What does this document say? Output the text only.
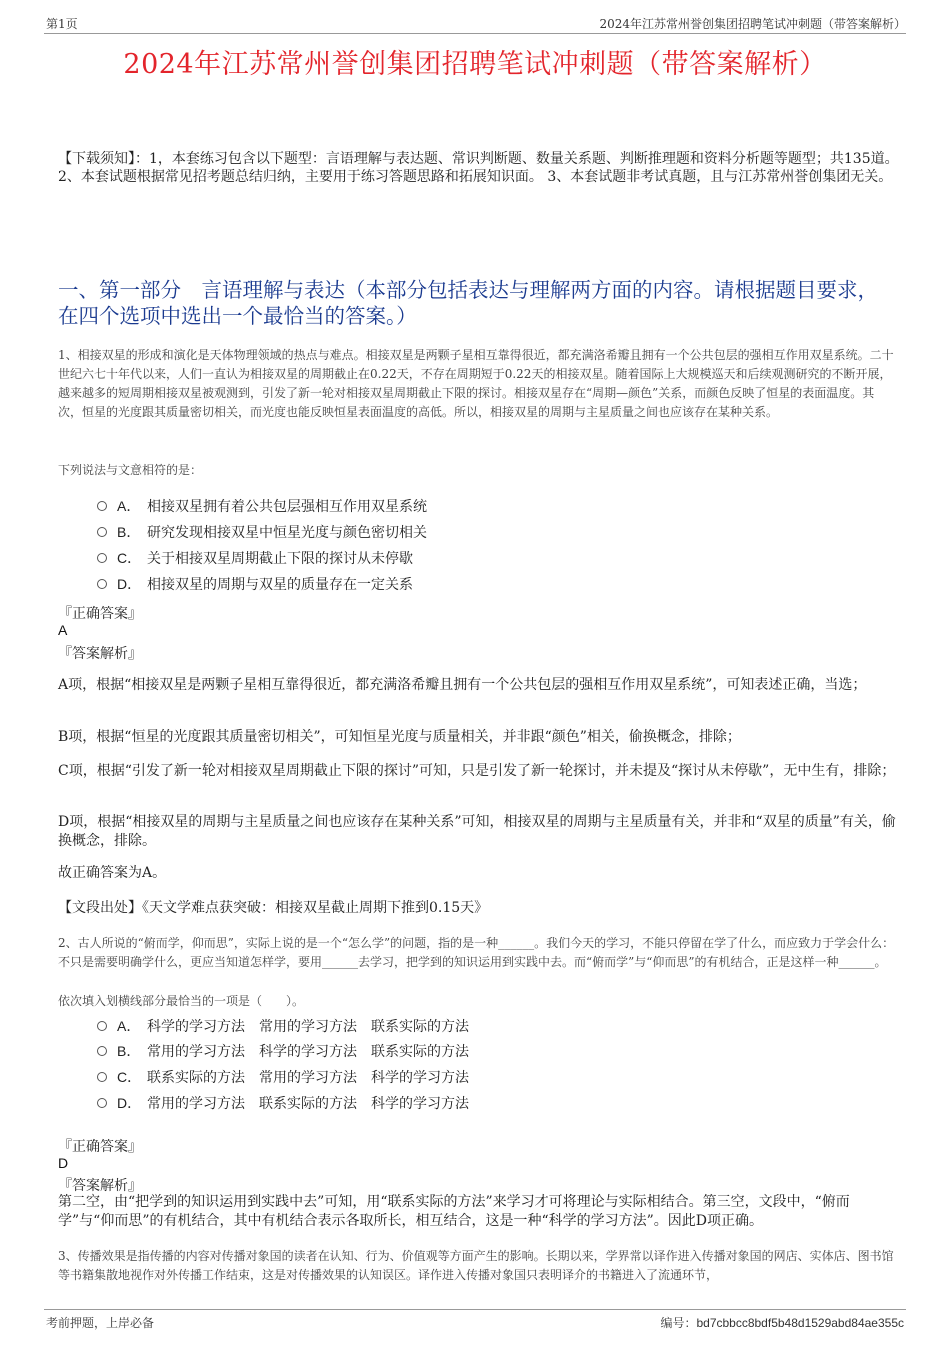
第1页	2024年江苏常州誉创集团招聘笔试冲刺题（带答案解析）
2024年江苏常州誉创集团招聘笔试冲刺题（带答案解析）
【下载须知】：1，本套练习包含以下题型：言语理解与表达题、常识判断题、数量关系题、判断推理题和资料分析题等题型；共135道。 2、本套试题根据常见招考题总结归纳，主要用于练习答题思路和拓展知识面。 3、本套试题非考试真题，且与江苏常州誉创集团无关。
一、第一部分　言语理解与表达（本部分包括表达与理解两方面的内容。请根据题目要求，在四个选项中选出一个最恰当的答案。）
1、相接双星的形成和演化是天体物理领域的热点与难点。相接双星是两颗子星相互靠得很近，都充满洛希瓣且拥有一个公共包层的强相互作用双星系统。二十世纪六七十年代以来，人们一直认为相接双星的周期截止在0.22天，不存在周期短于0.22天的相接双星。随着国际上大规模巡天和后续观测研究的不断开展，越来越多的短周期相接双星被观测到，引发了新一轮对相接双星周期截止下限的探讨。相接双星存在“周期—颜色”关系，而颜色反映了恒星的表面温度。其次，恒星的光度跟其质量密切相关，而光度也能反映恒星表面温度的高低。所以，相接双星的周期与主星质量之间也应该存在某种关系。
下列说法与文意相符的是：
A． 相接双星拥有着公共包层强相互作用双星系统
B． 研究发现相接双星中恒星光度与颜色密切相关
C． 关于相接双星周期截止下限的探讨从未停歇
D． 相接双星的周期与双星的质量存在一定关系
『正确答案』
A
『答案解析』
A项，根据“相接双星是两颗子星相互靠得很近，都充满洛希瓣且拥有一个公共包层的强相互作用双星系统”，可知表述正确，当选；
B项，根据“恒星的光度跟其质量密切相关”，可知恒星光度与质量相关，并非跟“颜色”相关，偷换概念，排除；
C项，根据“引发了新一轮对相接双星周期截止下限的探讨”可知，只是引发了新一轮探讨，并未提及“探讨从未停歇”，无中生有，排除；
D项，根据“相接双星的周期与主星质量之间也应该存在某种关系”可知，相接双星的周期与主星质量有关，并非和“双星的质量”有关，偷换概念，排除。
故正确答案为A。
【文段出处】《天文学难点获突破：相接双星截止周期下推到0.15天》
2、古人所说的“俯而学，仰而思”，实际上说的是一个“怎么学”的问题，指的是一种______。我们今天的学习，不能只停留在学了什么，而应致力于学会什么：不只是需要明确学什么，更应当知道怎样学，要用______去学习，把学到的知识运用到实践中去。而“俯而学”与“仰而思”的有机结合，正是这样一种______。
依次填入划横线部分最恰当的一项是（　　）。
A． 科学的学习方法　常用的学习方法　联系实际的方法
B． 常用的学习方法　科学的学习方法　联系实际的方法
C． 联系实际的方法　常用的学习方法　科学的学习方法
D． 常用的学习方法　联系实际的方法　科学的学习方法
『正确答案』
D
『答案解析』
第二空，由“把学到的知识运用到实践中去”可知，用“联系实际的方法”来学习才可将理论与实际相结合。第三空，文段中，“俯而学”与“仰而思”的有机结合，其中有机结合表示各取所长，相互结合，这是一种“科学的学习方法”。因此D项正确。
3、传播效果是指传播的内容对传播对象国的读者在认知、行为、价值观等方面产生的影响。长期以来，学界常以译作进入传播对象国的网店、实体店、图书馆等书籍集散地视作对外传播工作结束，这是对传播效果的认知误区。译作进入传播对象国只表明译介的书籍进入了流通环节，
考前押题，上岸必备	编号：bd7cbbcc8bdf5b48d1529abd84ae355c
